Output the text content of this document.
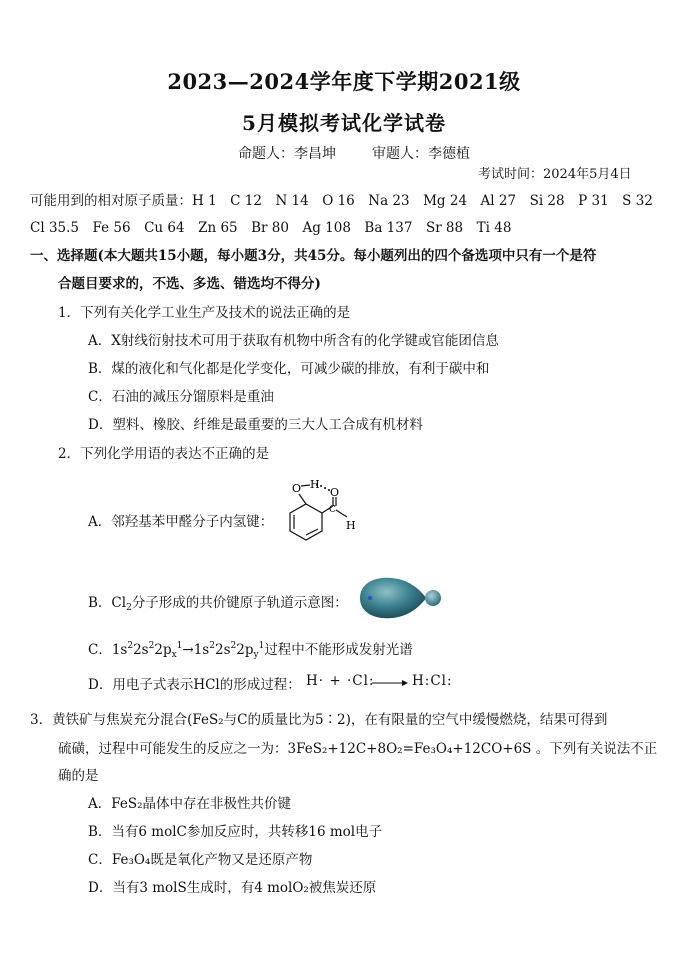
2023—2024学年度下学期2021级
5月模拟考试化学试卷
命题人：李昌坤	审题人：李德植
考试时间：2024年5月4日
可能用到的相对原子质量：H 1　C 12　N 14　O 16　Na 23　Mg 24　Al 27　Si 28　P 31　S 32
Cl 35.5　Fe 56　Cu 64　Zn 65　Br 80　Ag 108　Ba 137　Sr 88　Ti 48
一、选择题(本大题共15小题，每小题3分，共45分。每小题列出的四个备选项中只有一个是符
合题目要求的，不选、多选、错选均不得分)
1．下列有关化学工业生产及技术的说法正确的是
A．X射线衍射技术可用于获取有机物中所含有的化学键或官能团信息
B．煤的液化和气化都是化学变化，可减少碳的排放，有利于碳中和
C．石油的减压分馏原料是重油
D．塑料、橡胶、纤维是最重要的三大人工合成有机材料
2．下列化学用语的表达不正确的是
A．邻羟基苯甲醛分子内氢键：
O H
O
C
H
B．$Cl_2$分子形成的共价键原子轨道示意图：
C．$1s^22s^22p_x^1\to 1s^22s^22p_y^1$过程中不能形成发射光谱
D．用电子式表示HCl的形成过程： H· + ·Cl: → H:Cl:
3．黄铁矿与焦炭充分混合(FeS₂与C的质量比为5∶2)，在有限量的空气中缓慢燃烧，结果可得到
硫磺，过程中可能发生的反应之一为：3FeS₂+12C+8O₂=Fe₃O₄+12CO+6S 。下列有关说法不正
确的是
A．FeS₂晶体中存在非极性共价键
B．当有6 molC参加反应时，共转移16 mol电子
C．Fe₃O₄既是氧化产物又是还原产物
D．当有3 molS生成时，有4 molO₂被焦炭还原
